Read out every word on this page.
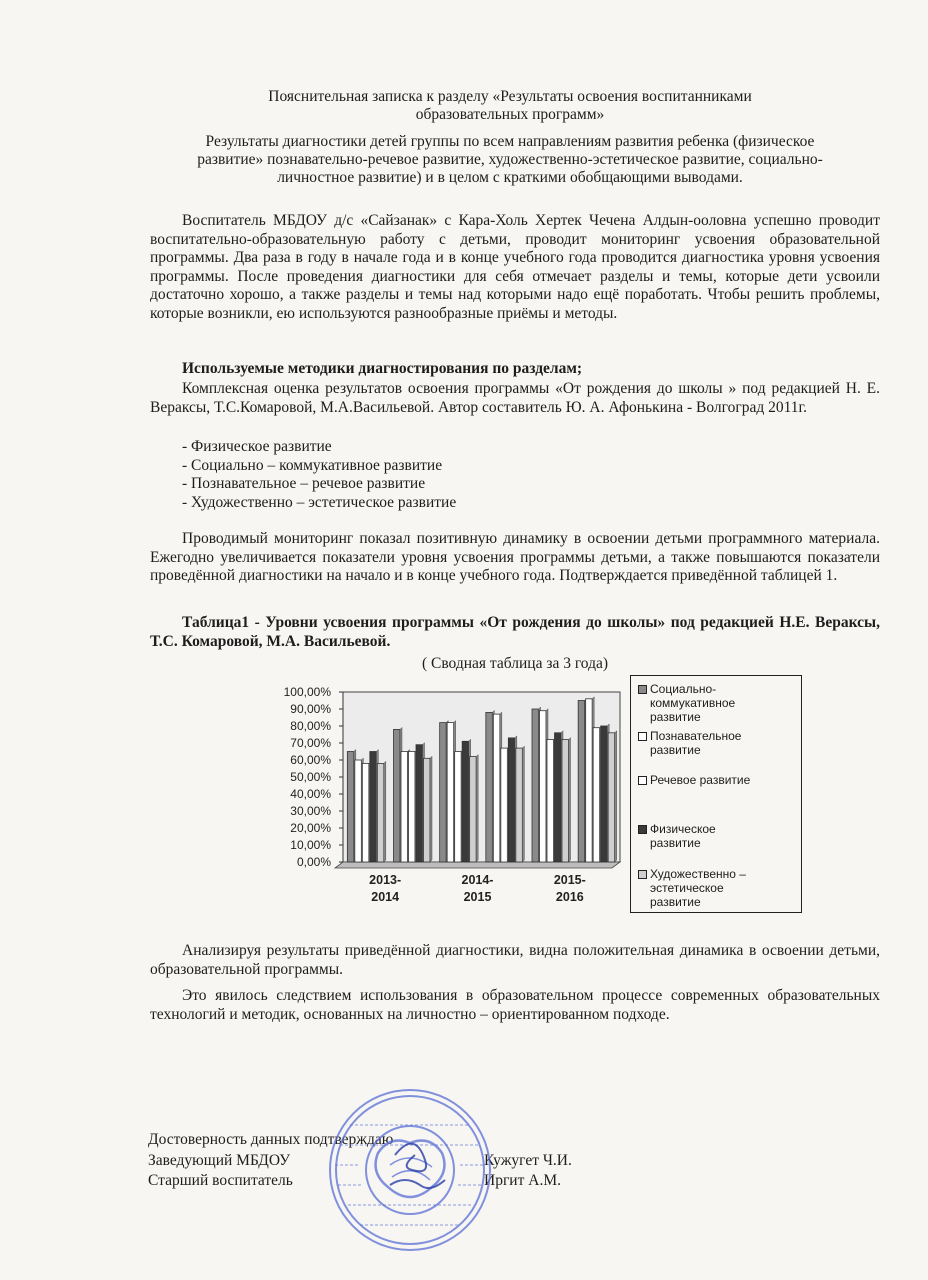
Пояснительная записка к разделу «Результаты освоения воспитанниками
образовательных программ»
Результаты диагностики детей группы по всем направлениям развития ребенка (физическое
развитие» познавательно-речевое развитие, художественно-эстетическое развитие, социально-
личностное развитие) и в целом с краткими обобщающими выводами.
Воспитатель МБДОУ д/с «Сайзанак» с Кара-Холь Хертек Чечена Алдын-ооловна успешно проводит воспитательно-образовательную работу с детьми, проводит мониторинг усвоения образовательной программы. Два раза в году в начале года и в конце учебного года проводится диагностика уровня усвоения программы. После проведения диагностики для себя отмечает разделы и темы, которые дети усвоили достаточно хорошо, а также разделы и темы над которыми надо ещё поработать. Чтобы решить проблемы, которые возникли, ею используются разнообразные приёмы и методы.
Используемые методики диагностирования по разделам;
Комплексная оценка результатов освоения программы «От рождения до школы » под редакцией Н. Е. Вераксы, Т.С.Комаровой, М.А.Васильевой. Автор составитель Ю. А. Афонькина - Волгоград 2011г.
- Физическое развитие
- Социально – коммукативное развитие
- Познавательное – речевое развитие
- Художественно – эстетическое развитие
Проводимый мониторинг показал позитивную динамику в освоении детьми программного материала. Ежегодно увеличивается показатели уровня усвоения программы детьми, а также повышаются показатели проведённой диагностики на начало и в конце учебного года. Подтверждается приведённой таблицей 1.
Таблица1 - Уровни усвоения программы «От рождения до школы» под редакцией Н.Е. Вераксы, Т.С. Комаровой, М.А. Васильевой.
( Сводная таблица за 3 года)
0,00%
10,00%
20,00%
30,00%
40,00%
50,00%
60,00%
70,00%
80,00%
90,00%
100,00%
2013-
2014
2014-
2015
2015-
2016
Социально-
коммукативное
развитие
Познавательное
развитие
Речевое развитие
Физическое
развитие
Художественно –
эстетическое
развитие
Анализируя результаты приведённой диагностики, видна положительная динамика в освоении детьми, образовательной программы.
Это явилось следствием использования в образовательном процессе современных образовательных технологий и методик, основанных на личностно – ориентированном подходе.
Достоверность данных подтверждаю
Заведующий МБДОУ	Кужугет Ч.И.
Старший воспитатель	Иргит А.М.
